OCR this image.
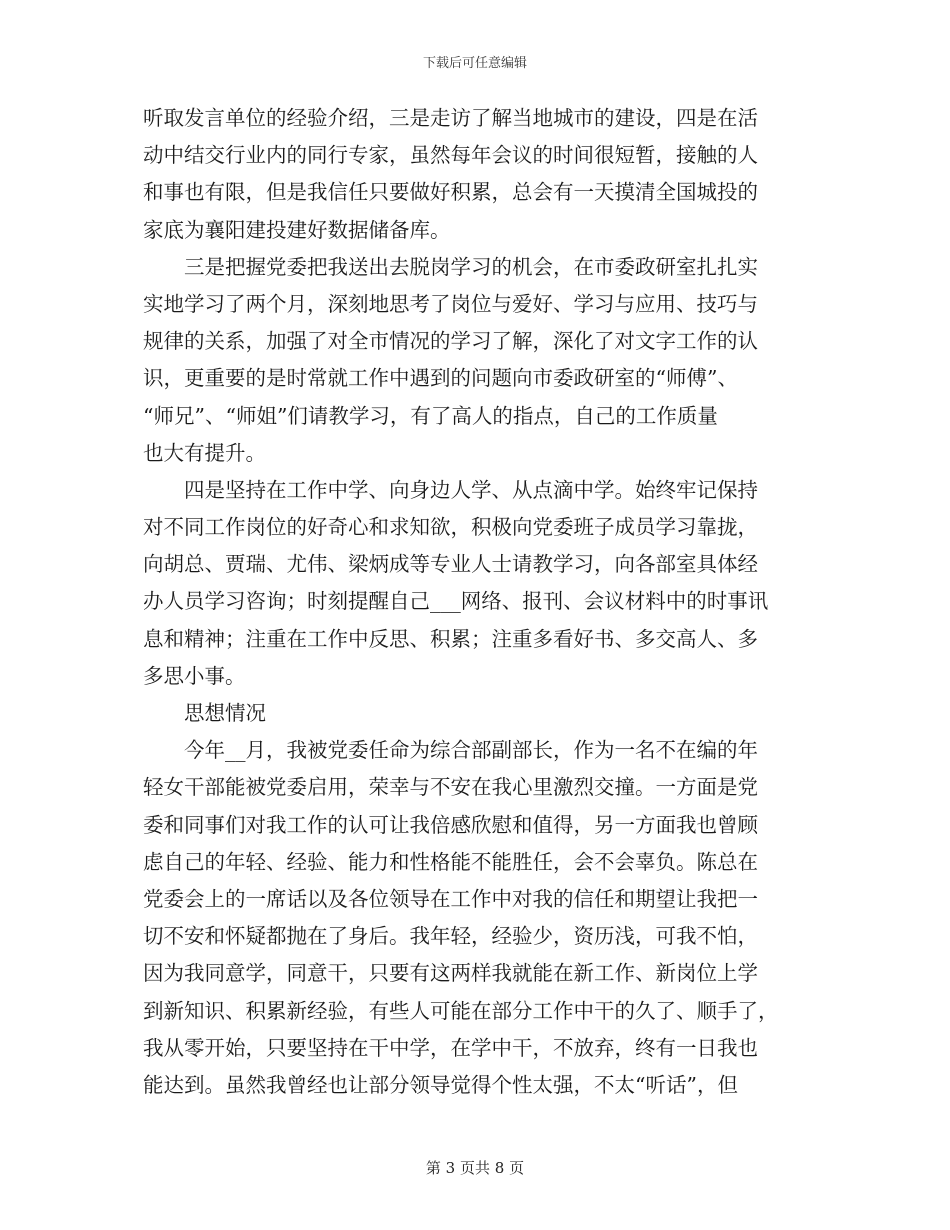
下载后可任意编辑
听取发言单位的经验介绍，三是走访了解当地城市的建设，四是在活
动中结交行业内的同行专家，虽然每年会议的时间很短暂，接触的人
和事也有限，但是我信任只要做好积累，总会有一天摸清全国城投的
家底为襄阳建投建好数据储备库。
　　三是把握党委把我送出去脱岗学习的机会，在市委政研室扎扎实
实地学习了两个月，深刻地思考了岗位与爱好、学习与应用、技巧与
规律的关系，加强了对全市情况的学习了解，深化了对文字工作的认
识，更重要的是时常就工作中遇到的问题向市委政研室的“师傅”、
“师兄”、“师姐”们请教学习，有了高人的指点，自己的工作质量
也大有提升。
　　四是坚持在工作中学、向身边人学、从点滴中学。始终牢记保持
对不同工作岗位的好奇心和求知欲，积极向党委班子成员学习靠拢，
向胡总、贾瑞、尤伟、梁炳成等专业人士请教学习，向各部室具体经
办人员学习咨询；时刻提醒自己___网络、报刊、会议材料中的时事讯
息和精神；注重在工作中反思、积累；注重多看好书、多交高人、多
多思小事。
　　思想情况
　　今年__月，我被党委任命为综合部副部长，作为一名不在编的年
轻女干部能被党委启用，荣幸与不安在我心里激烈交撞。一方面是党
委和同事们对我工作的认可让我倍感欣慰和值得，另一方面我也曾顾
虑自己的年轻、经验、能力和性格能不能胜任，会不会辜负。陈总在
党委会上的一席话以及各位领导在工作中对我的信任和期望让我把一
切不安和怀疑都抛在了身后。我年轻，经验少，资历浅，可我不怕，
因为我同意学，同意干，只要有这两样我就能在新工作、新岗位上学
到新知识、积累新经验，有些人可能在部分工作中干的久了、顺手了，
我从零开始，只要坚持在干中学，在学中干，不放弃，终有一日我也
能达到。虽然我曾经也让部分领导觉得个性太强，不太“听话”，但
第 3 页共 8 页
